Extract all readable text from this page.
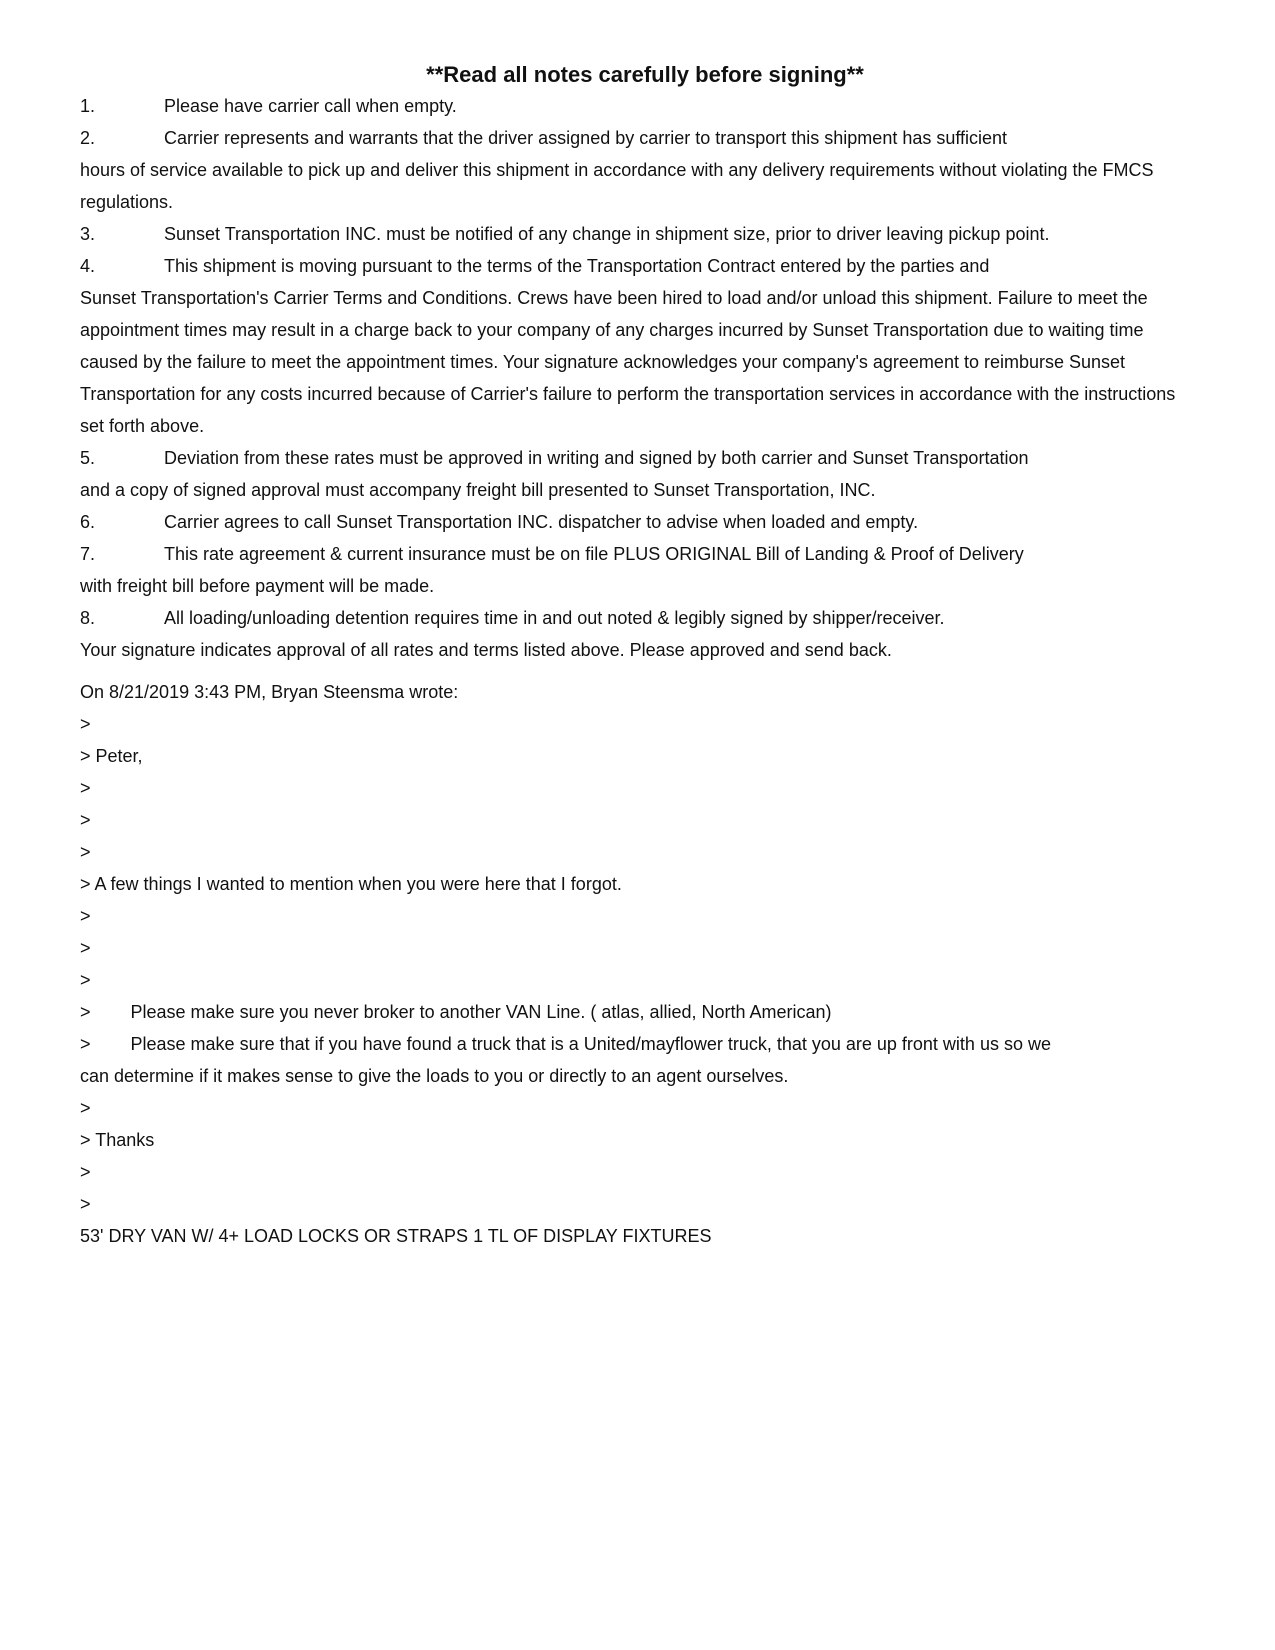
**Read all notes carefully before signing**

1.	Please have carrier call when empty.

2.	Carrier represents and warrants that the driver assigned by carrier to transport this shipment has sufficient

hours of service available to pick up and deliver this shipment in accordance with any delivery requirements without violating the FMCS regulations.

3.	Sunset Transportation INC. must be notified of any change in shipment size, prior to driver leaving pickup point.

4.	This shipment is moving pursuant to the terms of the Transportation Contract entered by the parties and

Sunset Transportation's Carrier Terms and Conditions. Crews have been hired to load and/or unload this shipment. Failure to meet the appointment times may result in a charge back to your company of any charges incurred by Sunset Transportation due to waiting time caused by the failure to meet the appointment times. Your signature acknowledges your company's agreement to reimburse Sunset Transportation for any costs incurred because of Carrier's failure to perform the transportation services in accordance with the instructions set forth above.

5.	Deviation from these rates must be approved in writing and signed by both carrier and Sunset Transportation

and a copy of signed approval must accompany freight bill presented to Sunset Transportation, INC.

6.	Carrier agrees to call Sunset Transportation INC. dispatcher to advise when loaded and empty.

7.	This rate agreement & current insurance must be on file PLUS ORIGINAL Bill of Landing & Proof of Delivery

with freight bill before payment will be made.

8.	All loading/unloading detention requires time in and out noted & legibly signed by shipper/receiver.

Your signature indicates approval of all rates and terms listed above. Please approved and send back.

On 8/21/2019 3:43 PM, Bryan Steensma wrote:

>

> Peter,

>

>

>

> A few things I wanted to mention when you were here that I forgot.

>

>

>

> Please make sure you never broker to another VAN Line. ( atlas, allied, North American)

> Please make sure that if you have found a truck that is a United/mayflower truck, that you are up front with us so we

can determine if it makes sense to give the loads to you or directly to an agent ourselves.

>

> Thanks

>

>

53' DRY VAN W/ 4+ LOAD LOCKS OR STRAPS 1 TL OF DISPLAY FIXTURES
